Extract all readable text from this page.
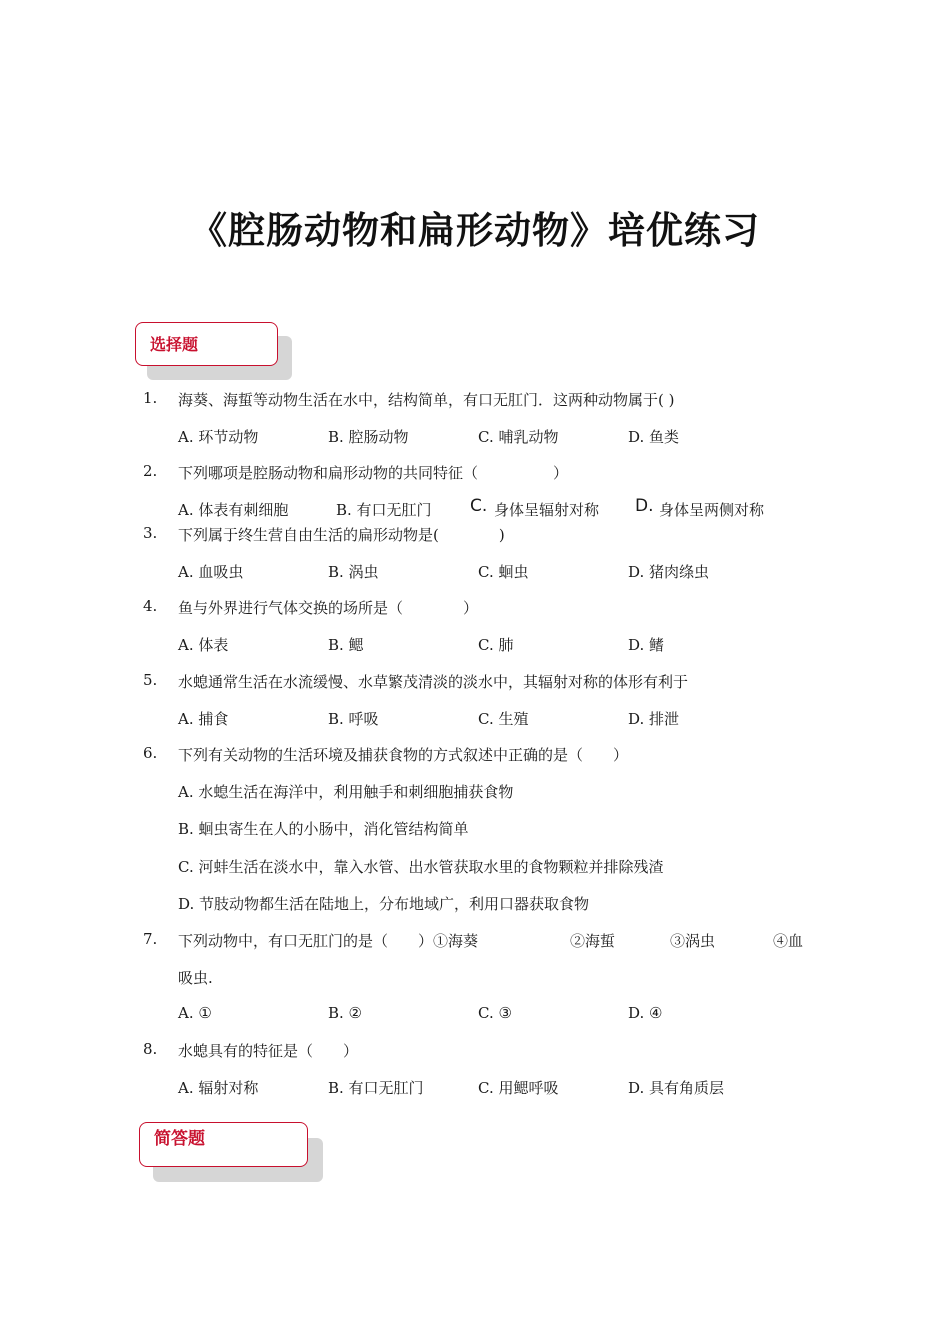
《腔肠动物和扁形动物》培优练习
选择题
1. 海葵、海蜇等动物生活在水中，结构简单，有口无肛门．这两种动物属于( )
A. 环节动物	B. 腔肠动物	C. 哺乳动物	D. 鱼类
2. 下列哪项是腔肠动物和扁形动物的共同特征（　　　　　）
A. 体表有刺细胞	B. 有口无肛门 C. 身体呈辐射对称 D. 身体呈两侧对称
3. 下列属于终生营自由生活的扁形动物是(　　　　)
A. 血吸虫	B. 涡虫	C. 蛔虫	D. 猪肉绦虫
4. 鱼与外界进行气体交换的场所是（　　　　）
A. 体表	B. 鳃	C. 肺	D. 鳍
5. 水螅通常生活在水流缓慢、水草繁茂清淡的淡水中，其辐射对称的体形有利于
A. 捕食	B. 呼吸	C. 生殖	D. 排泄
6. 下列有关动物的生活环境及捕获食物的方式叙述中正确的是（　　）
A. 水螅生活在海洋中，利用触手和刺细胞捕获食物
B. 蛔虫寄生在人的小肠中，消化管结构简单
C. 河蚌生活在淡水中，靠入水管、出水管获取水里的食物颗粒并排除残渣
D. 节肢动物都生活在陆地上，分布地域广，利用口器获取食物
7. 下列动物中，有口无肛门的是（　　）①海葵	②海蜇	③涡虫	④血
吸虫.
A. ①	B. ②	C. ③	D. ④
8. 水螅具有的特征是（　　）
A. 辐射对称	B. 有口无肛门	C. 用鳃呼吸	D. 具有角质层
简答题
